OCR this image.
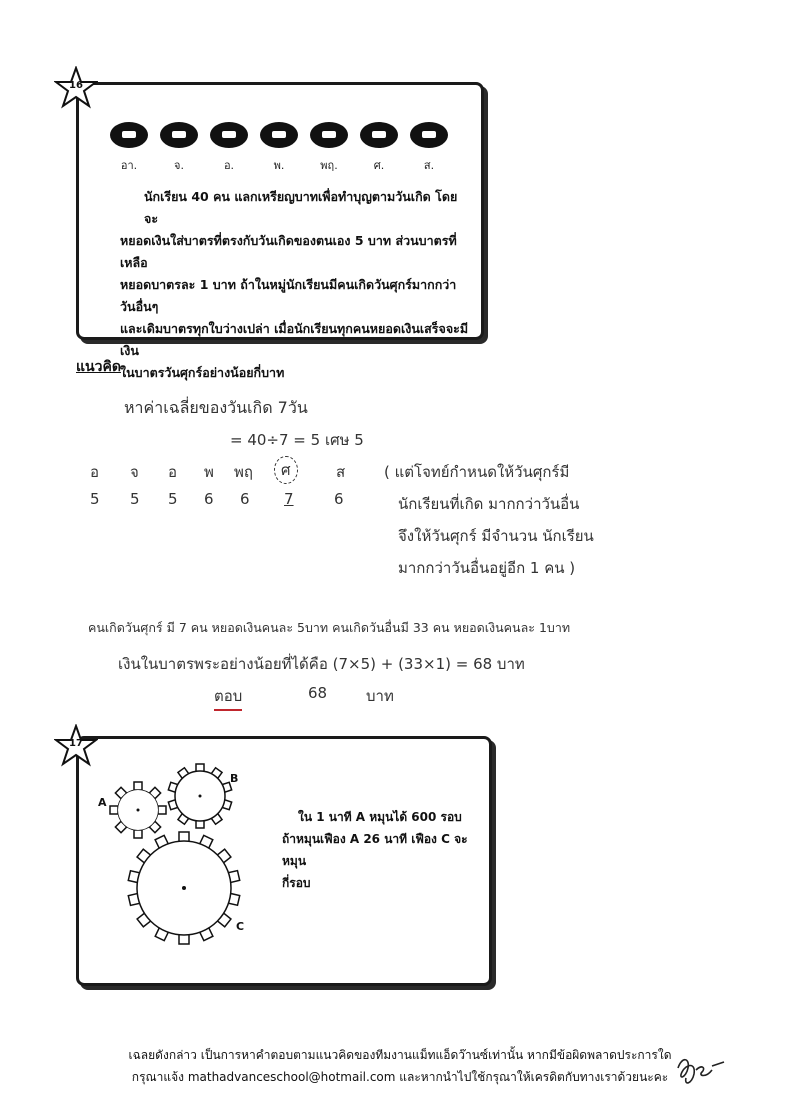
16
อา.	จ.	อ.	พ.	พฤ.	ศ.	ส.
นักเรียน 40 คน แลกเหรียญบาทเพื่อทำบุญตามวันเกิด โดยจะ
หยอดเงินใส่บาตรที่ตรงกับวันเกิดของตนเอง 5 บาท ส่วนบาตรที่เหลือ
หยอดบาตรละ 1 บาท ถ้าในหมู่นักเรียนมีคนเกิดวันศุกร์มากกว่าวันอื่นๆ
และเดิมบาตรทุกใบว่างเปล่า เมื่อนักเรียนทุกคนหยอดเงินเสร็จจะมีเงิน
ในบาตรวันศุกร์อย่างน้อยกี่บาท
แนวคิด
หาค่าเฉลี่ยของวันเกิด 7วัน
= 40÷7 = 5 เศษ 5
อ จ อ พ พฤ	ศ	ส
5 5 5 6 6 7	6
( แต่โจทย์กำหนดให้วันศุกร์มี
นักเรียนที่เกิด มากกว่าวันอื่น
จึงให้วันศุกร์ มีจำนวน นักเรียน
มากกว่าวันอื่นอยู่อีก 1 คน )
คนเกิดวันศุกร์ มี 7 คน หยอดเงินคนละ 5บาท คนเกิดวันอื่นมี 33 คน หยอดเงินคนละ 1บาท
เงินในบาตรพระอย่างน้อยที่ได้คือ (7×5) + (33×1) = 68 บาท
ตอบ	68	บาท
17
A
B
C
ใน 1 นาที A หมุนได้ 600 รอบ
ถ้าหมุนเฟือง A 26 นาที เฟือง C จะหมุน
กี่รอบ
เฉลยดังกล่าว เป็นการหาคำตอบตามแนวคิดของทีมงานแม็ทแอ็ดว๊านซ์เท่านั้น หากมีข้อผิดพลาดประการใด
กรุณาแจ้ง mathadvanceschool@hotmail.com และหากนำไปใช้กรุณาให้เครดิตกับทางเราด้วยนะคะ
